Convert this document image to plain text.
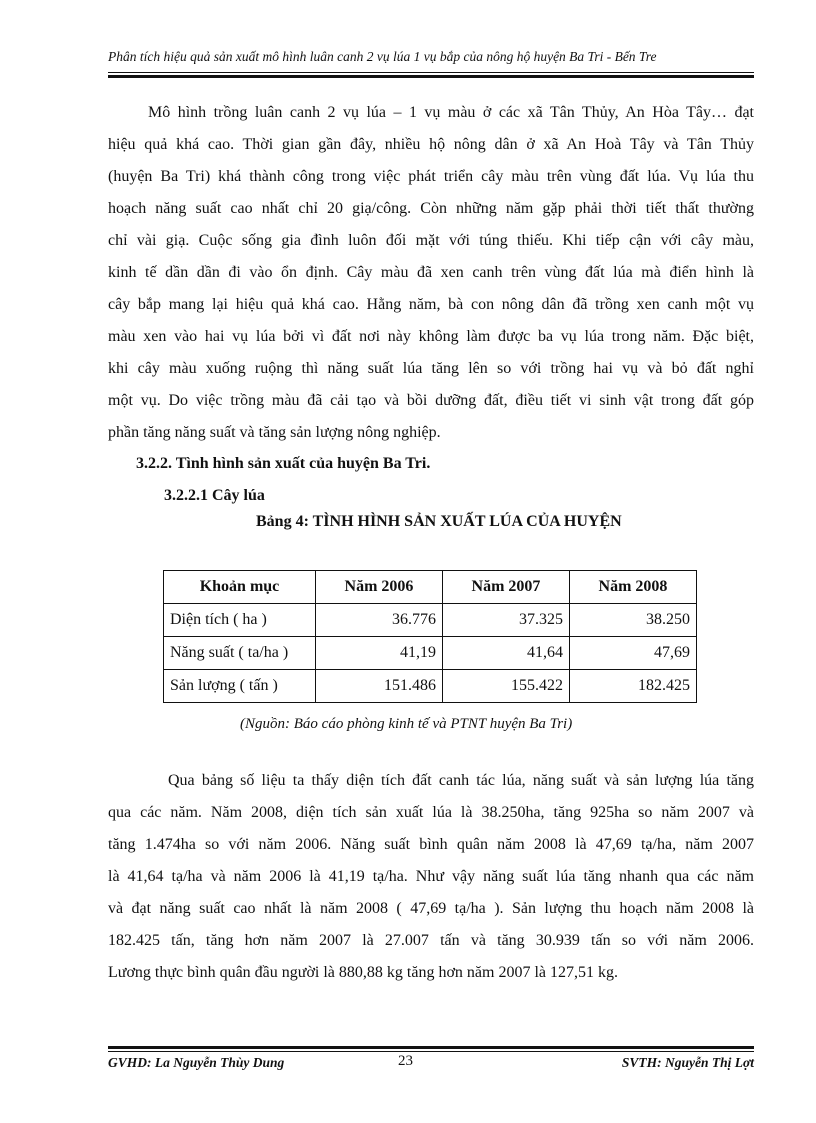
Phân tích hiệu quả sản xuất mô hình luân canh 2 vụ lúa 1 vụ bắp của nông hộ huyện Ba Tri - Bến Tre
Mô hình trồng luân canh 2 vụ lúa – 1 vụ màu ở các xã Tân Thủy, An Hòa Tây… đạt
hiệu quả khá cao. Thời gian gần đây, nhiều hộ nông dân ở xã An Hoà Tây và Tân Thủy
(huyện Ba Tri) khá thành công trong việc phát triển cây màu trên vùng đất lúa. Vụ lúa thu
hoạch năng suất cao nhất chỉ 20 giạ/công. Còn những năm gặp phải thời tiết thất thường
chỉ vài giạ. Cuộc sống gia đình luôn đối mặt với túng thiếu. Khi tiếp cận với cây màu,
kinh tế dần dần đi vào ổn định. Cây màu đã xen canh trên vùng đất lúa mà điển hình là
cây bắp mang lại hiệu quả khá cao. Hằng năm, bà con nông dân đã trồng xen canh một vụ
màu xen vào hai vụ lúa bởi vì đất nơi này không làm được ba vụ lúa trong năm. Đặc biệt,
khi cây màu xuống ruộng thì năng suất lúa tăng lên so với trồng hai vụ và bỏ đất nghỉ
một vụ. Do việc trồng màu đã cải tạo và bồi dưỡng đất, điều tiết vi sinh vật trong đất góp
phần tăng năng suất và tăng sản lượng nông nghiệp.
3.2.2. Tình hình sản xuất của huyện Ba Tri.
3.2.2.1 Cây lúa
Bảng 4: TÌNH HÌNH SẢN XUẤT LÚA CỦA HUYỆN
Khoản mục	Năm 2006	Năm 2007	Năm 2008
Diện tích ( ha )	36.776	37.325	38.250
Năng suất ( ta/ha )	41,19	41,64	47,69
Sản lượng ( tấn )	151.486	155.422	182.425
(Nguồn: Báo cáo phòng kinh tế và PTNT huyện Ba Tri)
Qua bảng số liệu ta thấy diện tích đất canh tác lúa, năng suất và sản lượng lúa tăng
qua các năm. Năm 2008, diện tích sản xuất lúa là 38.250ha, tăng 925ha so năm 2007 và
tăng 1.474ha so với năm 2006. Năng suất bình quân năm 2008 là 47,69 tạ/ha, năm 2007
là 41,64 tạ/ha và năm 2006 là 41,19 tạ/ha. Như vậy năng suất lúa tăng nhanh qua các năm
và đạt năng suất cao nhất là năm 2008 ( 47,69 tạ/ha ). Sản lượng thu hoạch năm 2008 là
182.425 tấn, tăng hơn năm 2007 là 27.007 tấn và tăng 30.939 tấn so với năm 2006.
Lương thực bình quân đầu người là 880,88 kg tăng hơn năm 2007 là 127,51 kg.
GVHD: La Nguyễn Thùy Dung	23	SVTH: Nguyễn Thị Lợt
